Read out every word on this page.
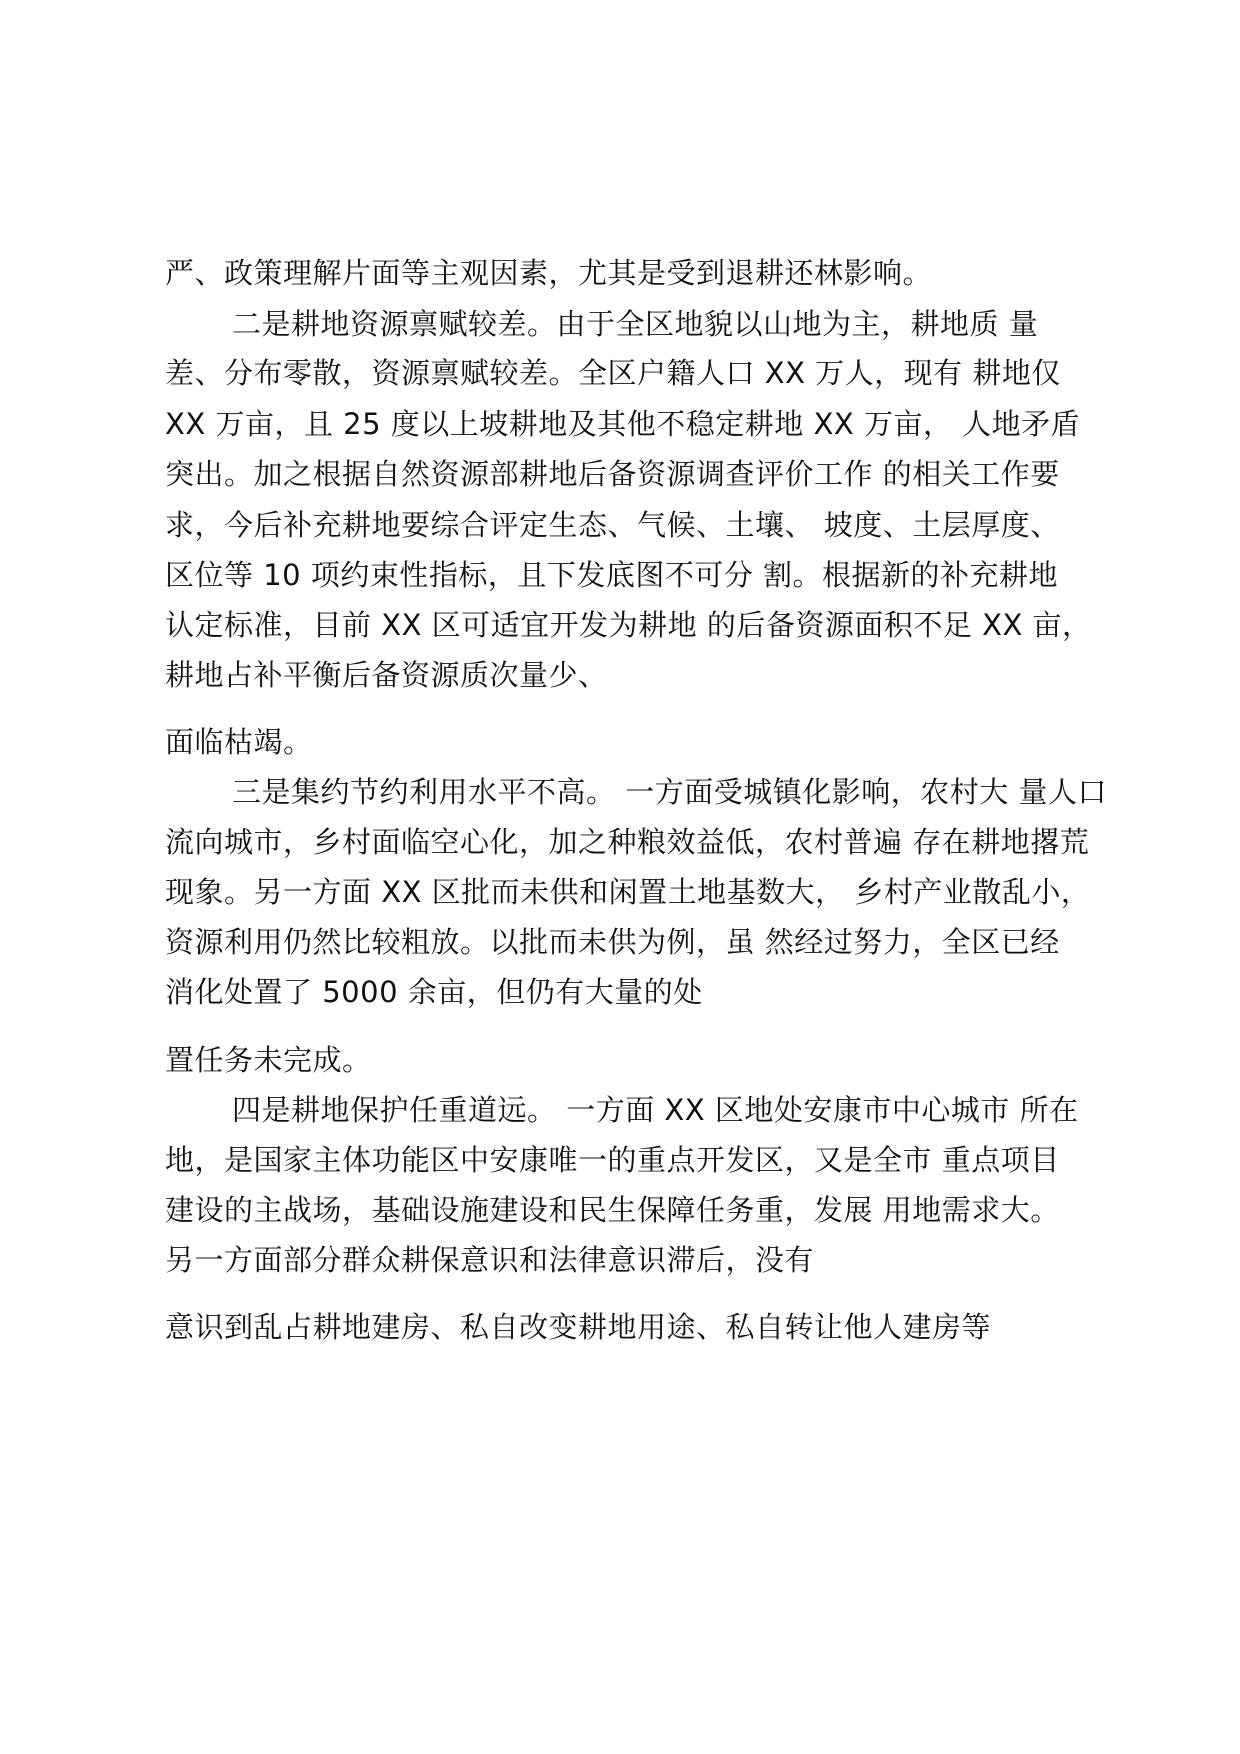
严、政策理解片面等主观因素，尤其是受到退耕还林影响。
二是耕地资源禀赋较差。由于全区地貌以山地为主，耕地质 量
差、分布零散，资源禀赋较差。全区户籍人口 XX 万人，现有 耕地仅
XX 万亩，且 25 度以上坡耕地及其他不稳定耕地 XX 万亩， 人地矛盾
突出。加之根据自然资源部耕地后备资源调查评价工作 的相关工作要
求，今后补充耕地要综合评定生态、气候、土壤、 坡度、土层厚度、
区位等 10 项约束性指标，且下发底图不可分 割。根据新的补充耕地
认定标准，目前 XX 区可适宜开发为耕地 的后备资源面积不足 XX 亩，
耕地占补平衡后备资源质次量少、
面临枯竭。
三是集约节约利用水平不高。 一方面受城镇化影响，农村大 量人口
流向城市，乡村面临空心化，加之种粮效益低，农村普遍 存在耕地撂荒
现象。另一方面 XX 区批而未供和闲置土地基数大， 乡村产业散乱小，
资源利用仍然比较粗放。以批而未供为例，虽 然经过努力，全区已经
消化处置了 5000 余亩，但仍有大量的处
置任务未完成。
四是耕地保护任重道远。 一方面 XX 区地处安康市中心城市 所在
地，是国家主体功能区中安康唯一的重点开发区，又是全市 重点项目
建设的主战场，基础设施建设和民生保障任务重，发展 用地需求大。
另一方面部分群众耕保意识和法律意识滞后，没有
意识到乱占耕地建房、私自改变耕地用途、私自转让他人建房等
